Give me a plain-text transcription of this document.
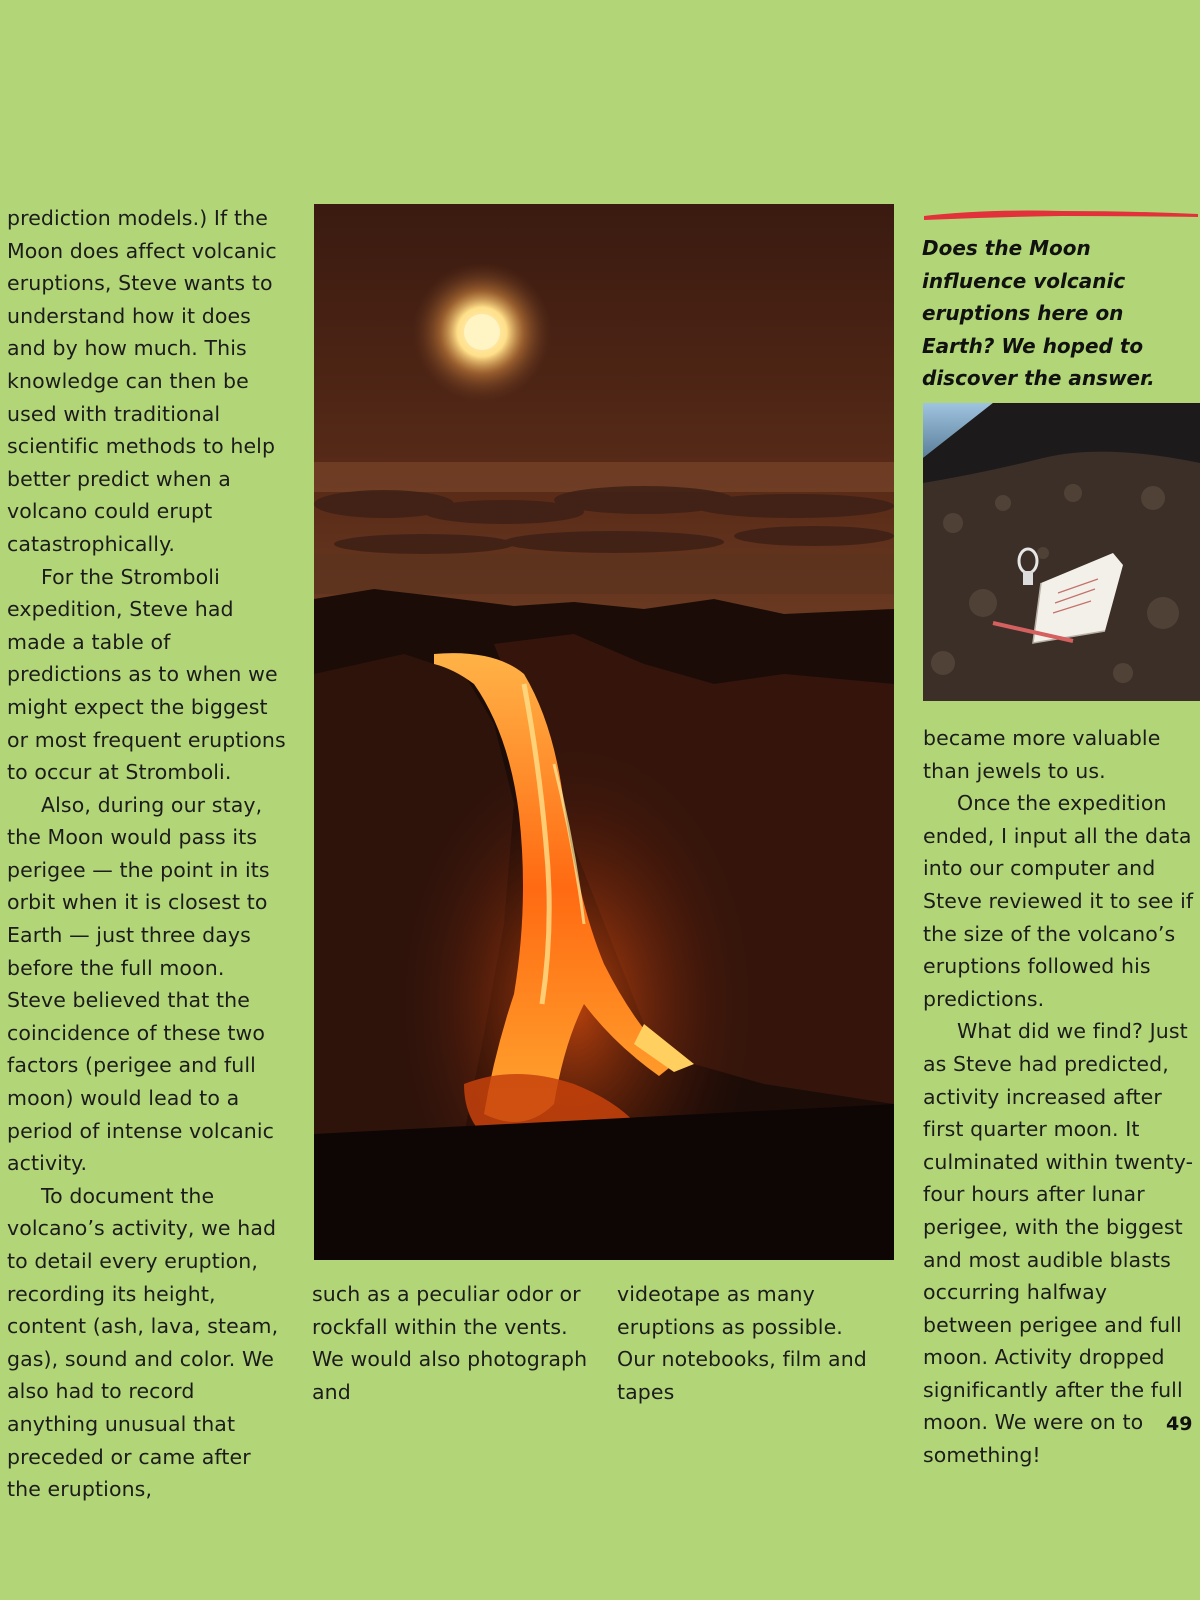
prediction models.) If the Moon does affect volcanic eruptions, Steve wants to understand how it does and by how much. This knowledge can then be used with traditional scientific methods to help better predict when a volcano could erupt catastrophically.

For the Stromboli expedition, Steve had made a table of predictions as to when we might expect the biggest or most frequent eruptions to occur at Stromboli.

Also, during our stay, the Moon would pass its perigee — the point in its orbit when it is closest to Earth — just three days before the full moon. Steve believed that the coincidence of these two factors (perigee and full moon) would lead to a period of intense volcanic activity.

To document the volcano’s activity, we had to detail every eruption, recording its height, content (ash, lava, steam, gas), sound and color. We also had to record anything unusual that preceded or came after the eruptions,

such as a peculiar odor or rockfall within the vents. We would also photograph and

videotape as many eruptions as possible. Our notebooks, film and tapes

Does the Moon influence volcanic eruptions here on Earth? We hoped to discover the answer.

became more valuable than jewels to us.

Once the expedition ended, I input all the data into our computer and Steve reviewed it to see if the size of the volcano’s eruptions followed his predictions.

What did we find? Just as Steve had predicted, activity increased after first quarter moon. It culminated within twenty-four hours after lunar perigee, with the biggest and most audible blasts occurring halfway between perigee and full moon. Activity dropped significantly after the full moon. We were on to something!

49
